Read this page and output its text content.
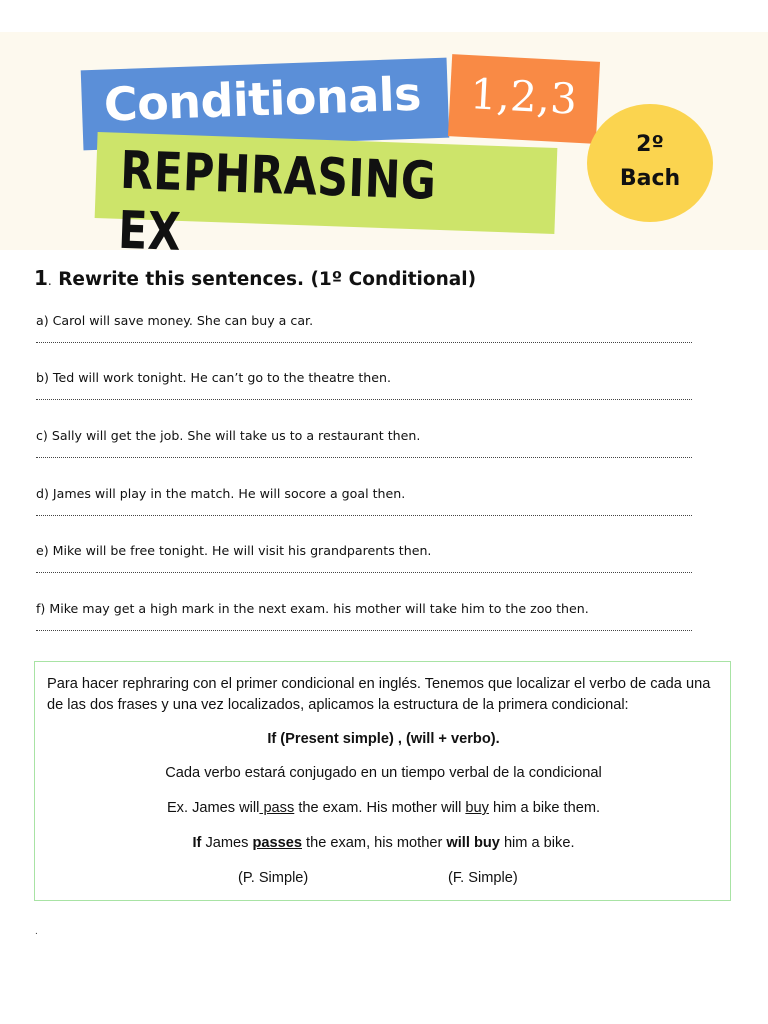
Conditionals 1,2,3
REPHRASING EX
2º
Bach
1. Rewrite this sentences. (1º Conditional)
a) Carol will save money. She can buy a car.
b) Ted will work tonight. He can’t go to the theatre then.
c) Sally will get the job. She will take us to a restaurant then.
d) James will play in the match. He will socore a goal then.
e) Mike will be free tonight. He will visit his grandparents then.
f) Mike may get a high mark in the next exam. his mother will take him to the zoo then.
Para hacer rephraring con el primer condicional en inglés. Tenemos que localizar el verbo de cada una de las dos frases y una vez localizados, aplicamos la estructura de la primera condicional:
If (Present simple) , (will + verbo).
Cada verbo estará conjugado en un tiempo verbal de la condicional
Ex. James will pass the exam. His mother will buy him a bike them.
If James passes the exam, his mother will buy him a bike.
(P. Simple)	(F. Simple)
.
